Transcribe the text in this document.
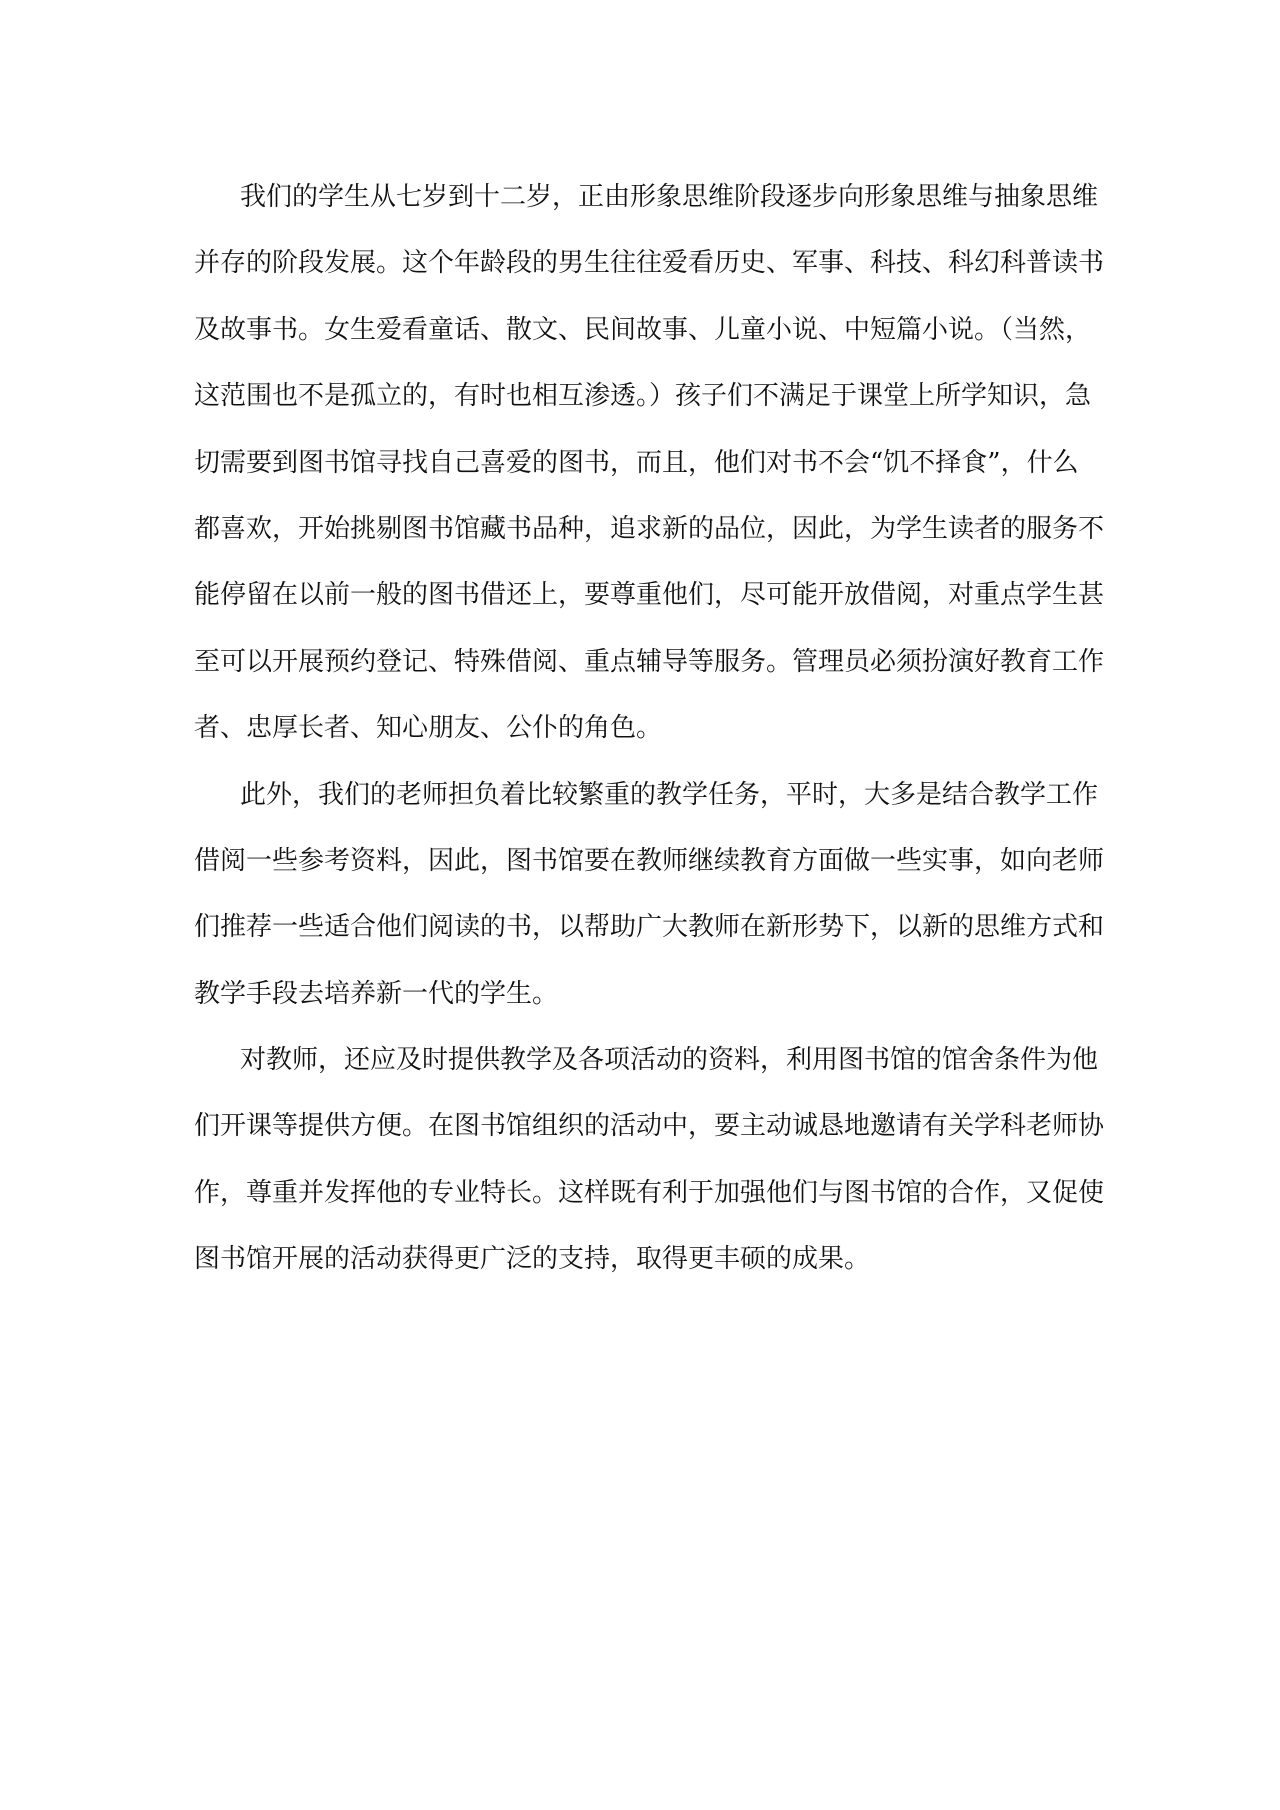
我们的学生从七岁到十二岁，正由形象思维阶段逐步向形象思维与抽象思维
并存的阶段发展。这个年龄段的男生往往爱看历史、军事、科技、科幻科普读书
及故事书。女生爱看童话、散文、民间故事、儿童小说、中短篇小说。（当然，
这范围也不是孤立的，有时也相互渗透。）孩子们不满足于课堂上所学知识，急
切需要到图书馆寻找自己喜爱的图书，而且，他们对书不会“饥不择食”，什么
都喜欢，开始挑剔图书馆藏书品种，追求新的品位，因此，为学生读者的服务不
能停留在以前一般的图书借还上，要尊重他们，尽可能开放借阅，对重点学生甚
至可以开展预约登记、特殊借阅、重点辅导等服务。管理员必须扮演好教育工作
者、忠厚长者、知心朋友、公仆的角色。

此外，我们的老师担负着比较繁重的教学任务，平时，大多是结合教学工作
借阅一些参考资料，因此，图书馆要在教师继续教育方面做一些实事，如向老师
们推荐一些适合他们阅读的书，以帮助广大教师在新形势下，以新的思维方式和
教学手段去培养新一代的学生。

对教师，还应及时提供教学及各项活动的资料，利用图书馆的馆舍条件为他
们开课等提供方便。在图书馆组织的活动中，要主动诚恳地邀请有关学科老师协
作，尊重并发挥他的专业特长。这样既有利于加强他们与图书馆的合作，又促使
图书馆开展的活动获得更广泛的支持，取得更丰硕的成果。
